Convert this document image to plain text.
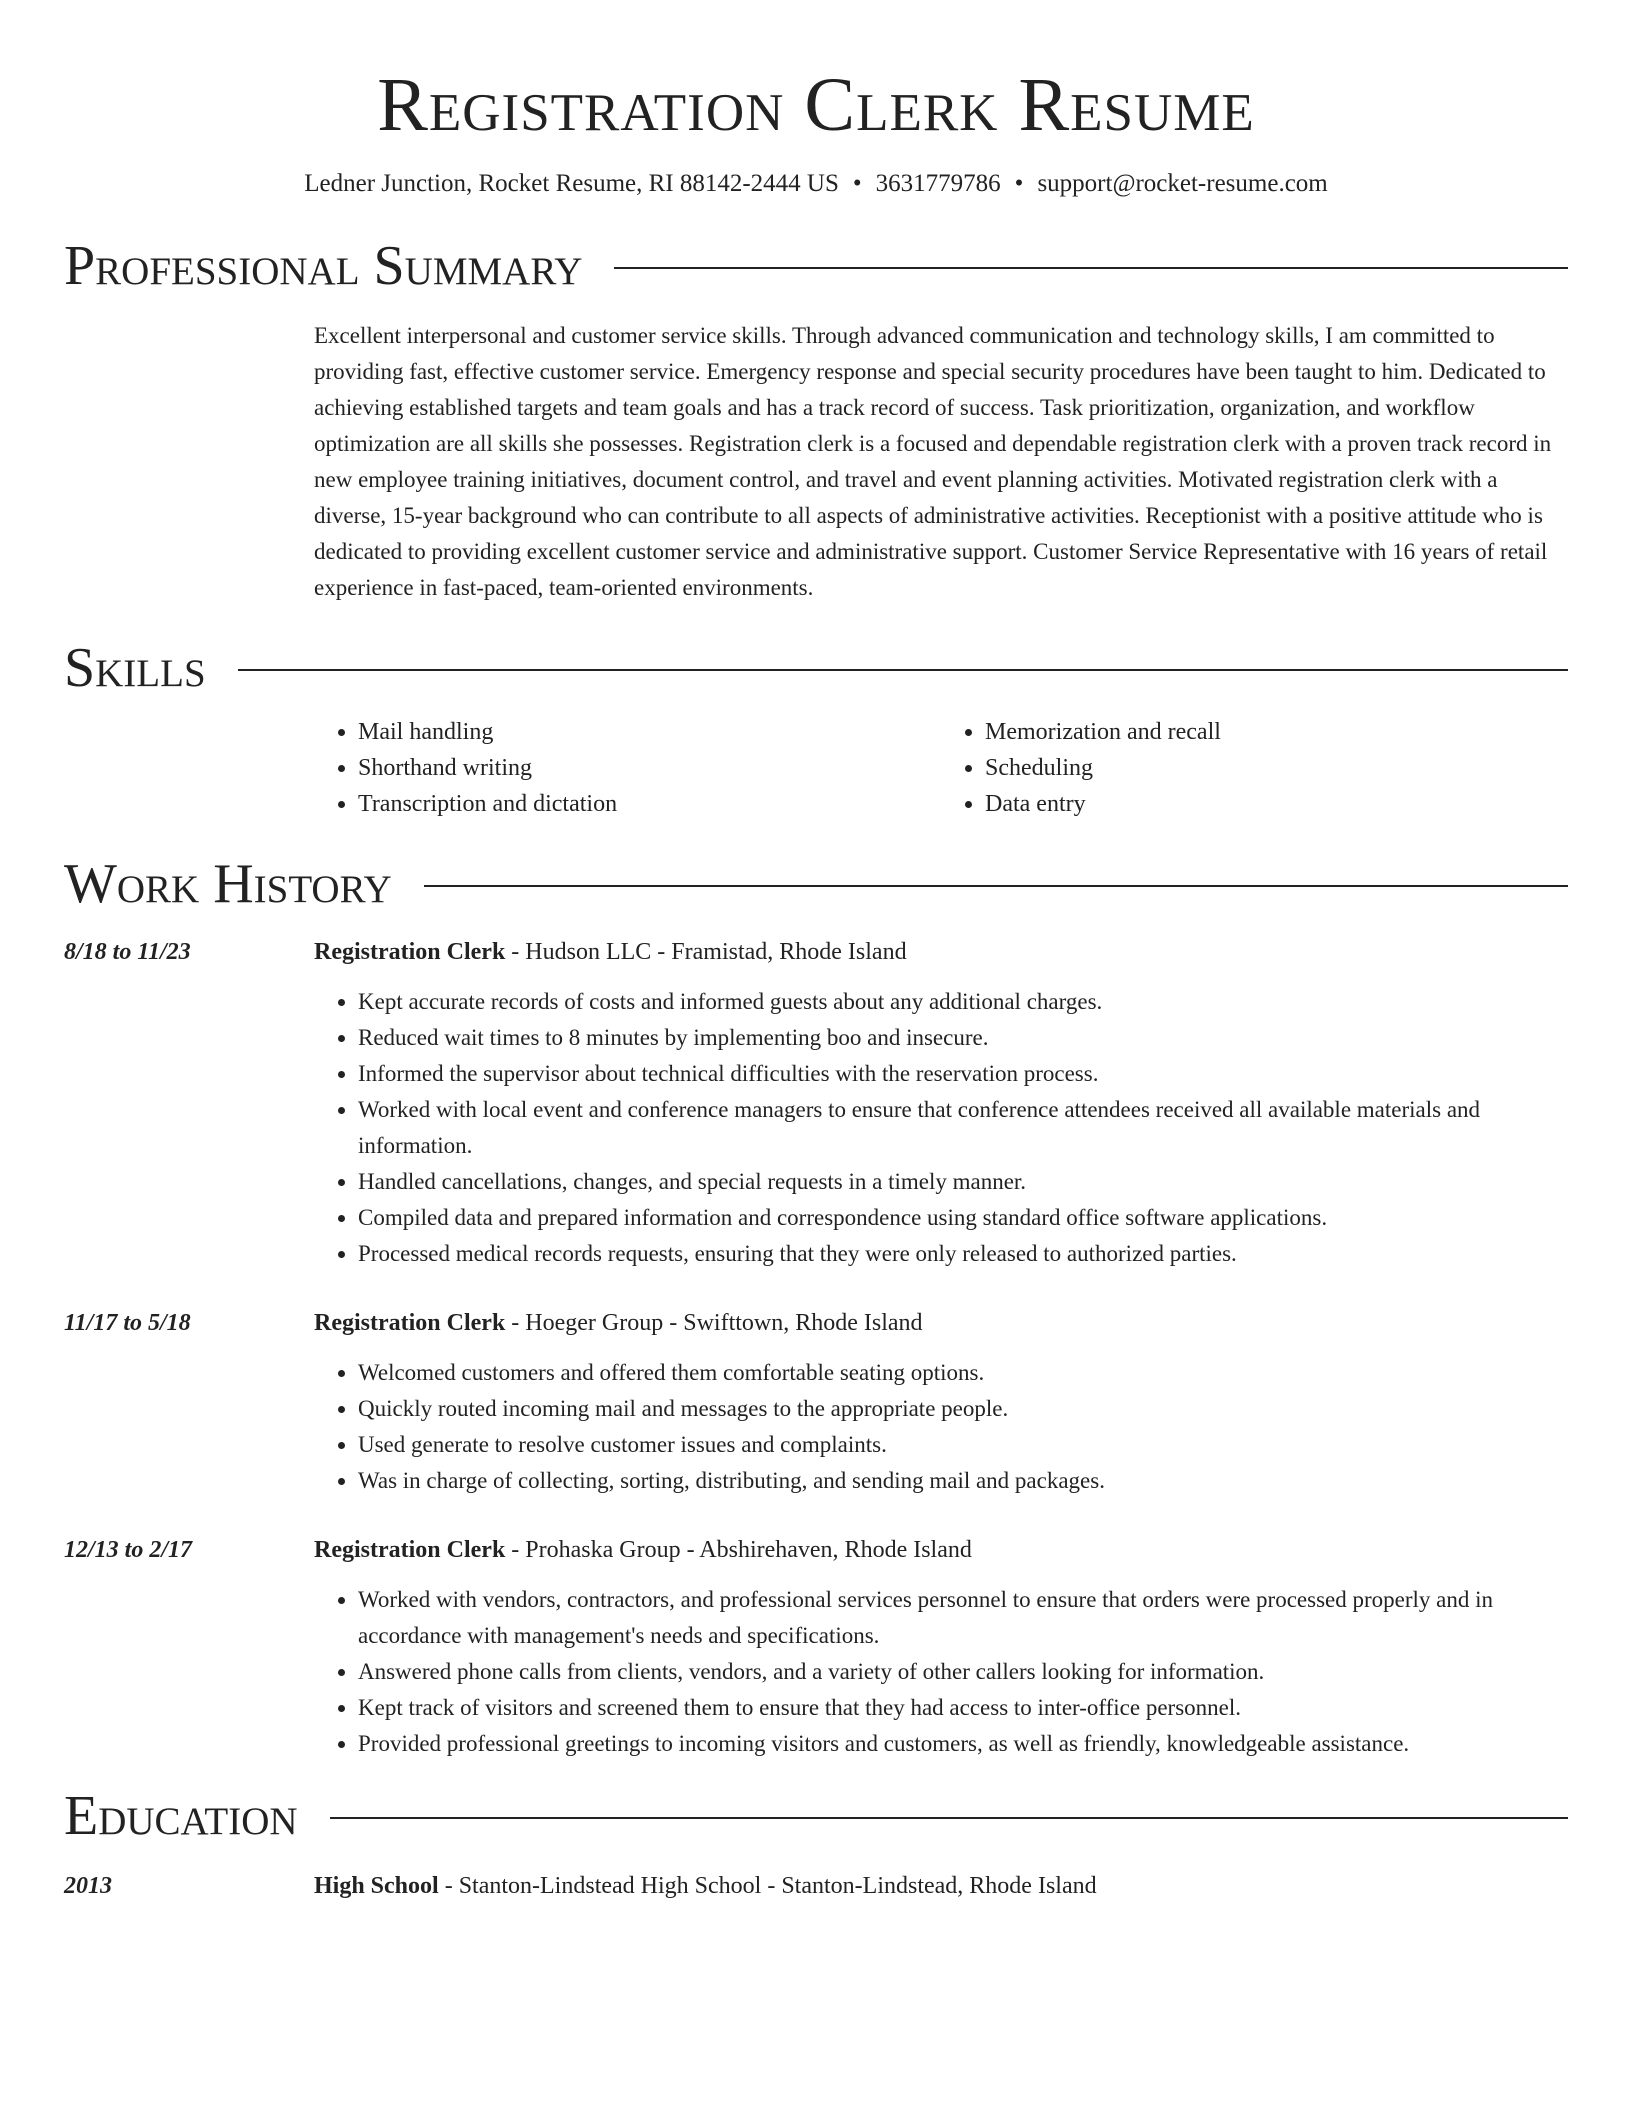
Registration Clerk Resume
Ledner Junction, Rocket Resume, RI 88142-2444 US • 3631779786 • support@rocket-resume.com
Professional Summary
Excellent interpersonal and customer service skills. Through advanced communication and technology skills, I am committed to providing fast, effective customer service. Emergency response and special security procedures have been taught to him. Dedicated to achieving established targets and team goals and has a track record of success. Task prioritization, organization, and workflow optimization are all skills she possesses. Registration clerk is a focused and dependable registration clerk with a proven track record in new employee training initiatives, document control, and travel and event planning activities. Motivated registration clerk with a diverse, 15-year background who can contribute to all aspects of administrative activities. Receptionist with a positive attitude who is dedicated to providing excellent customer service and administrative support. Customer Service Representative with 16 years of retail experience in fast-paced, team-oriented environments.
Skills
• Mail handling
• Shorthand writing
• Transcription and dictation
• Memorization and recall
• Scheduling
• Data entry
Work History
8/18 to 11/23	Registration Clerk - Hudson LLC - Framistad, Rhode Island
• Kept accurate records of costs and informed guests about any additional charges.
• Reduced wait times to 8 minutes by implementing boo and insecure.
• Informed the supervisor about technical difficulties with the reservation process.
• Worked with local event and conference managers to ensure that conference attendees received all available materials and information.
• Handled cancellations, changes, and special requests in a timely manner.
• Compiled data and prepared information and correspondence using standard office software applications.
• Processed medical records requests, ensuring that they were only released to authorized parties.
11/17 to 5/18	Registration Clerk - Hoeger Group - Swifttown, Rhode Island
• Welcomed customers and offered them comfortable seating options.
• Quickly routed incoming mail and messages to the appropriate people.
• Used generate to resolve customer issues and complaints.
• Was in charge of collecting, sorting, distributing, and sending mail and packages.
12/13 to 2/17	Registration Clerk - Prohaska Group - Abshirehaven, Rhode Island
• Worked with vendors, contractors, and professional services personnel to ensure that orders were processed properly and in accordance with management's needs and specifications.
• Answered phone calls from clients, vendors, and a variety of other callers looking for information.
• Kept track of visitors and screened them to ensure that they had access to inter-office personnel.
• Provided professional greetings to incoming visitors and customers, as well as friendly, knowledgeable assistance.
Education
2013	High School - Stanton-Lindstead High School - Stanton-Lindstead, Rhode Island
